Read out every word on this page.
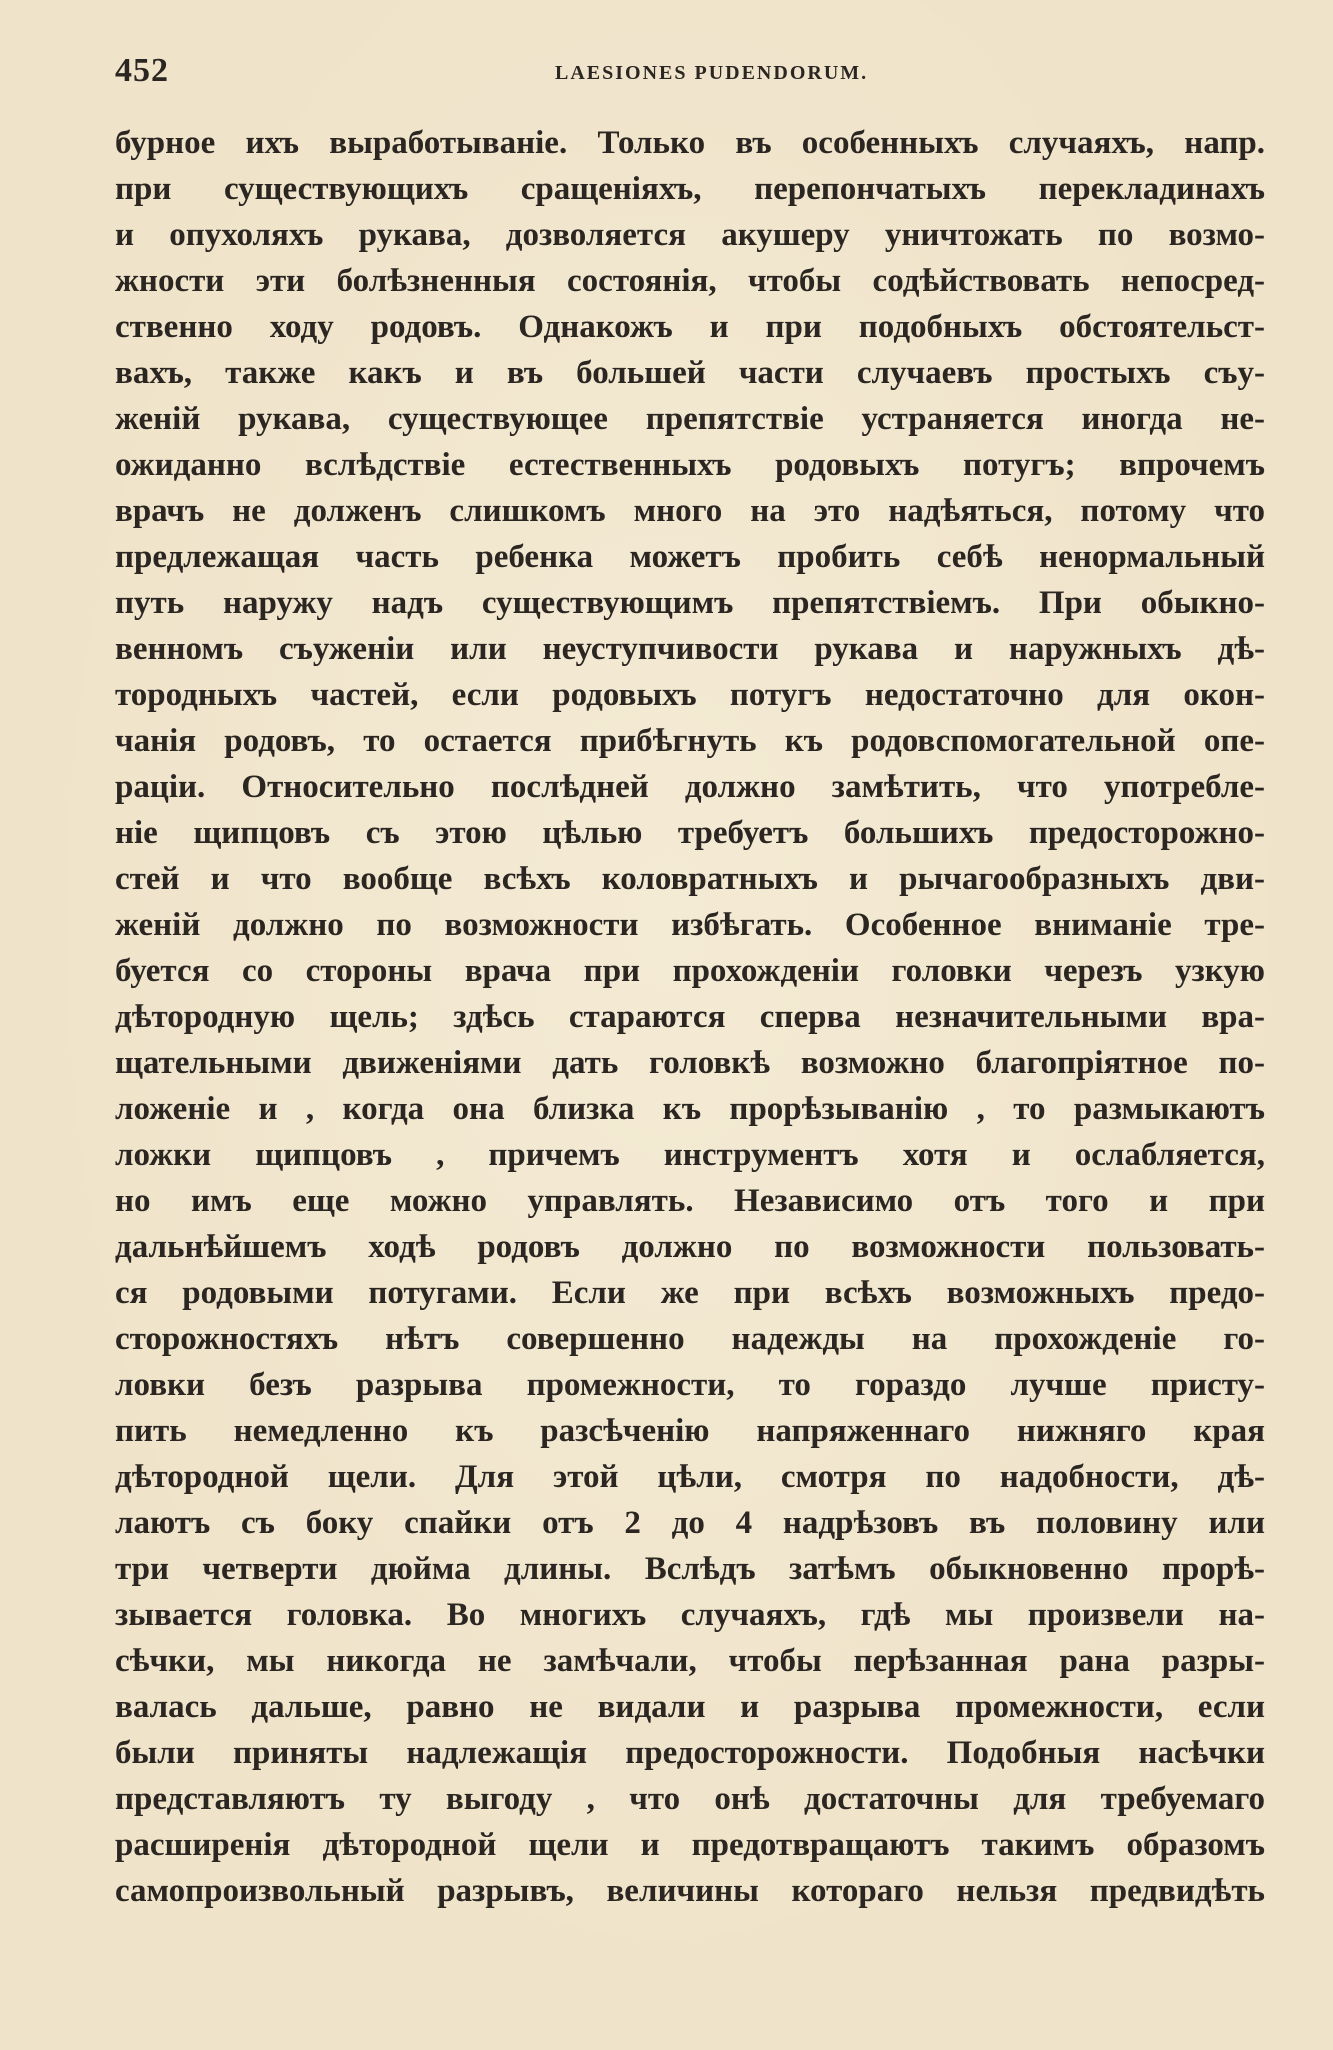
452	LAESIONES PUDENDORUM.
бурное ихъ выработываніе. Только въ особенныхъ случаяхъ, напр.
при существующихъ сращеніяхъ, перепончатыхъ перекладинахъ
и опухоляхъ рукава, дозволяется акушеру уничтожать по возмо-
жности эти болѣзненныя состоянія, чтобы содѣйствовать непосред-
ственно ходу родовъ. Однакожъ и при подобныхъ обстоятельст-
вахъ, также какъ и въ большей части случаевъ простыхъ съу-
женій рукава, существующее препятствіе устраняется иногда не-
ожиданно вслѣдствіе естественныхъ родовыхъ потугъ; впрочемъ
врачъ не долженъ слишкомъ много на это надѣяться, потому что
предлежащая часть ребенка можетъ пробить себѣ ненормальный
путь наружу надъ существующимъ препятствіемъ. При обыкно-
венномъ съуженіи или неуступчивости рукава и наружныхъ дѣ-
тородныхъ частей, если родовыхъ потугъ недостаточно для окон-
чанія родовъ, то остается прибѣгнуть къ родовспомогательной опе-
раціи. Относительно послѣдней должно замѣтить, что употребле-
ніе щипцовъ съ этою цѣлью требуетъ большихъ предосторожно-
стей и что вообще всѣхъ коловратныхъ и рычагообразныхъ дви-
женій должно по возможности избѣгать. Особенное вниманіе тре-
буется со стороны врача при прохожденіи головки черезъ узкую
дѣтородную щель; здѣсь стараются сперва незначительными вра-
щательными движеніями дать головкѣ возможно благопріятное по-
ложеніе и , когда она близка къ прорѣзыванію , то размыкаютъ
ложки щипцовъ , причемъ инструментъ хотя и ослабляется,
но имъ еще можно управлять. Независимо отъ того и при
дальнѣйшемъ ходѣ родовъ должно по возможности пользовать-
ся родовыми потугами. Если же при всѣхъ возможныхъ предо-
сторожностяхъ нѣтъ совершенно надежды на прохожденіе го-
ловки безъ разрыва промежности, то гораздо лучше присту-
пить немедленно къ разсѣченію напряженнаго нижняго края
дѣтородной щели. Для этой цѣли, смотря по надобности, дѣ-
лаютъ съ боку спайки отъ 2 до 4 надрѣзовъ въ половину или
три четверти дюйма длины. Вслѣдъ затѣмъ обыкновенно прорѣ-
зывается головка. Во многихъ случаяхъ, гдѣ мы произвели на-
сѣчки, мы никогда не замѣчали, чтобы перѣзанная рана разры-
валась дальше, равно не видали и разрыва промежности, если
были приняты надлежащія предосторожности. Подобныя насѣчки
представляютъ ту выгоду , что онѣ достаточны для требуемаго
расширенія дѣтородной щели и предотвращаютъ такимъ образомъ
самопроизвольный разрывъ, величины котораго нельзя предвидѣть
